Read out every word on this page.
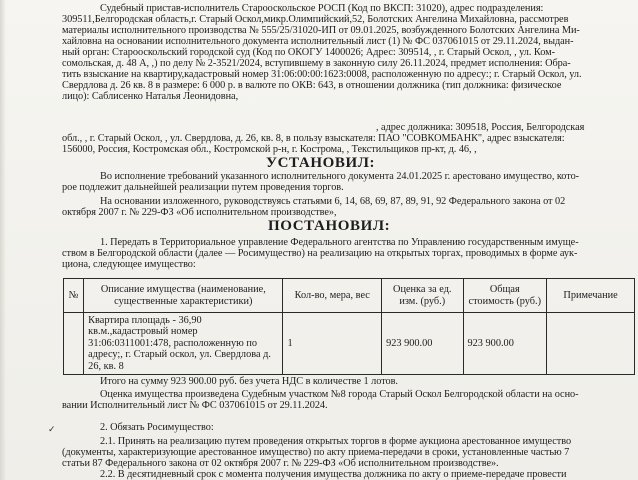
Судебный пристав-исполнитель Старооскольское РОСП (Код по ВКСП: 31020), адрес подразделения:
309511,Белгородская область,г. Старый Оскол,микр.Олимпийский,52, Болотских Ангелина Михайловна, рассмотрев
материалы исполнительного производства № 555/25/31020-ИП от 09.01.2025, возбужденного Болотских Ангелина Ми-
хайловна на основании исполнительного документа исполнительный лист (1) № ФС 037061015 от 29.11.2024, выдан-
ный орган: Старооскольский городской суд (Код по ОКОГУ 1400026; Адрес: 309514, , г. Старый Оскол, , ул. Ком-
сомольская, д. 48 А, ,) по делу № 2-3521/2024, вступившему в законную силу 26.11.2024, предмет исполнения: Обра-
тить взыскание на квартиру,кадастровый номер 31:06:00:00:1623:0008, расположенную по адресу:; г. Старый Оскол, ул.
Свердлова д. 26 кв. 8 в размере: 6 000 р. в валюте по ОКВ: 643, в отношении должника (тип должника: физическое
лицо): Саблисенко Наталья Леонидовна,
, адрес должника: 309518, Россия, Белгородская
обл., , г. Старый Оскол, , ул. Свердлова, д. 26, кв. 8, в пользу взыскателя: ПАО "СОВКОМБАНК", адрес взыскателя:
156000, Россия, Костромская обл., Костромской р-н, г. Кострома, , Текстильщиков пр-кт, д. 46, ,
УСТАНОВИЛ:
Во исполнение требований указанного исполнительного документа 24.01.2025 г. арестовано имущество, кото-
рое подлежит дальнейшей реализации путем проведения торгов.
На основании изложенного, руководствуясь статьями 6, 14, 68, 69, 87, 89, 91, 92 Федерального закона от 02
октября 2007 г. № 229-ФЗ «Об исполнительном производстве»,
ПОСТАНОВИЛ:
1. Передать в Территориальное управление Федерального агентства по Управлению государственным имуще-
ством в Белгородской области (далее — Росимущество) на реализацию на открытых торгах, проводимых в форме аук-
циона, следующее имущество:
№	Описание имущества (наименование, существенные характеристики)	Кол-во, мера, вес	Оценка за ед. изм. (руб.)	Общая стоимость (руб.)	Примечание
	Квартира площадь - 36,90 кв.м.,кадастровый номер 31:06:0311001:478, расположенную по адресу;, г. Старый оскол, ул. Свердлова д. 26, кв. 8	1	923 900.00	923 900.00	
Итого на сумму 923 900.00 руб. без учета НДС в количестве 1 лотов.
Оценка имущества произведена Судебным участком №8 города Старый Оскол Белгородской области на осно-
вании Исполнительный лист № ФС 037061015 от 29.11.2024.
2. Обязать Росимущество:
2.1. Принять на реализацию путем проведения открытых торгов в форме аукциона арестованное имущество
(документы, характеризующие арестованное имущество) по акту приема-передачи в сроки, установленные частью 7
статьи 87 Федерального закона от 02 октября 2007 г. № 229-ФЗ «Об исполнительном производстве».
2.2. В десятидневный срок с момента получения имущества должника по акту о приеме-передаче провести
✓
